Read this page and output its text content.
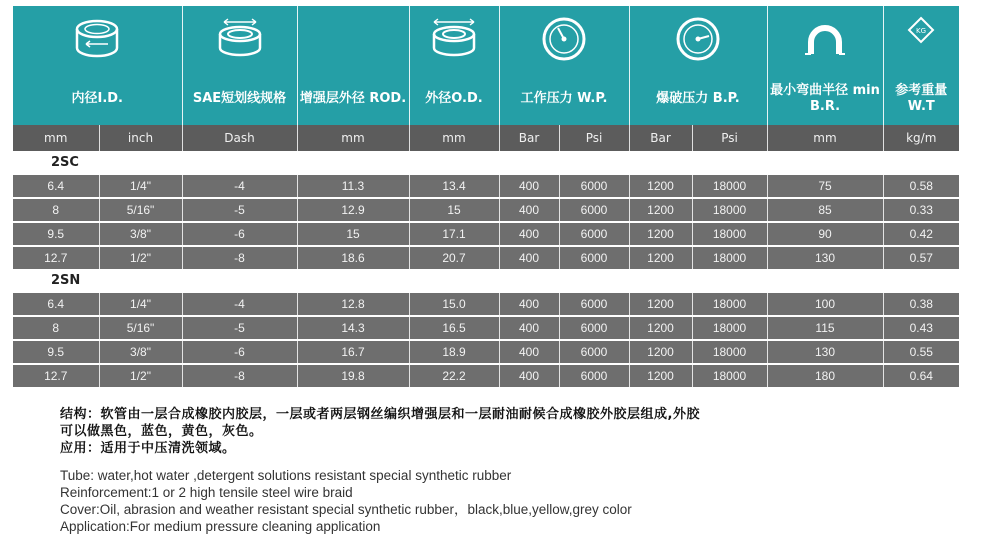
KG

内径I.D.		SAE短划线规格	增强层外径 ROD.	外径O.D.	工作压力 W.P.		爆破压力 B.P.		最小弯曲半径 min B.R.	参考重量 W.T
mm	inch	Dash	mm	mm	Bar	Psi	Bar	Psi	mm	kg/m
2SC										
6.4	1/4"	-4	11.3	13.4	400	6000	1200	18000	75	0.58
8	5/16"	-5	12.9	15	400	6000	1200	18000	85	0.33
9.5	3/8"	-6	15	17.1	400	6000	1200	18000	90	0.42
12.7	1/2"	-8	18.6	20.7	400	6000	1200	18000	130	0.57
2SN										
6.4	1/4"	-4	12.8	15.0	400	6000	1200	18000	100	0.38
8	5/16"	-5	14.3	16.5	400	6000	1200	18000	115	0.43
9.5	3/8"	-6	16.7	18.9	400	6000	1200	18000	130	0.55
12.7	1/2"	-8	19.8	22.2	400	6000	1200	18000	180	0.64

结构：软管由一层合成橡胶内胶层，一层或者两层钢丝编织增强层和一层耐油耐候合成橡胶外胶层组成,外胶

可以做黑色，蓝色，黄色，灰色。

应用：适用于中压清洗领域。

Tube: water,hot water ,detergent solutions resistant special synthetic rubber

Reinforcement:1 or 2 high tensile steel wire braid

Cover:Oil, abrasion and weather resistant special synthetic rubber，black,blue,yellow,grey color

Application:For medium pressure cleaning application
